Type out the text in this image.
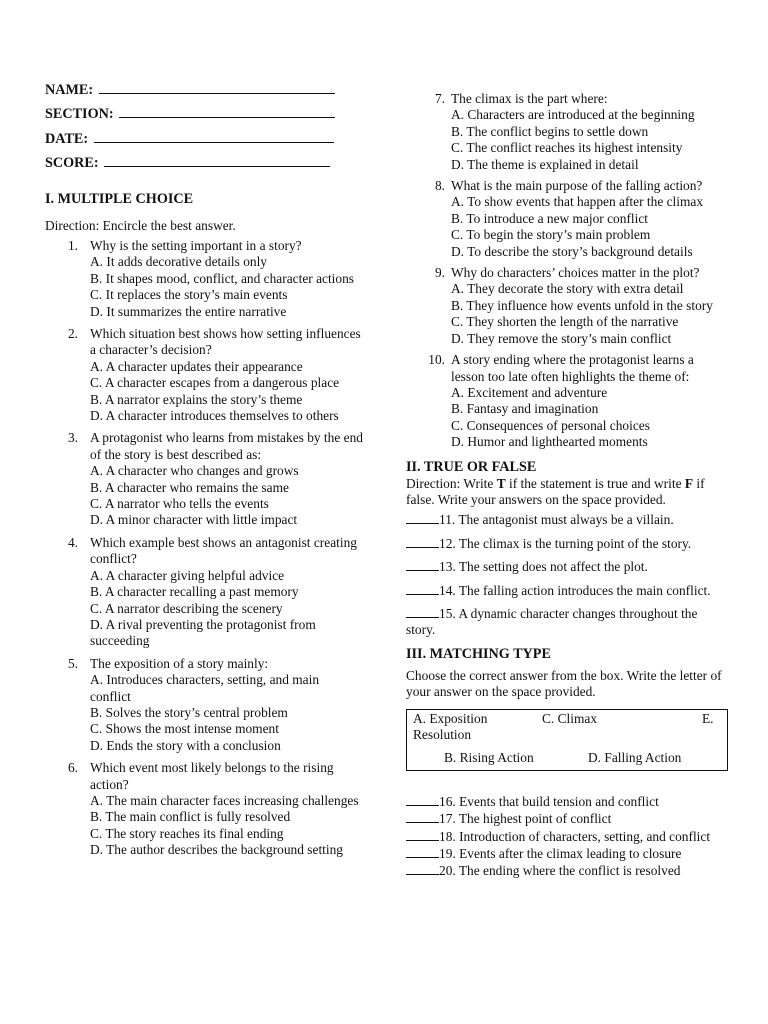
NAME:
SECTION:
DATE:
SCORE:
I. MULTIPLE CHOICE

Direction: Encircle the best answer.

1. Why is the setting important in a story?
A. It adds decorative details only
B. It shapes mood, conflict, and character actions
C. It replaces the story’s main events
D. It summarizes the entire narrative
2. Which situation best shows how setting influences a character’s decision?
A. A character updates their appearance
C. A character escapes from a dangerous place
B. A narrator explains the story’s theme
D. A character introduces themselves to others
3. A protagonist who learns from mistakes by the end of the story is best described as:
A. A character who changes and grows
B. A character who remains the same
C. A narrator who tells the events
D. A minor character with little impact
4. Which example best shows an antagonist creating conflict?
A. A character giving helpful advice
B. A character recalling a past memory
C. A narrator describing the scenery
D. A rival preventing the protagonist from succeeding
5. The exposition of a story mainly:
A. Introduces characters, setting, and main conflict
B. Solves the story’s central problem
C. Shows the most intense moment
D. Ends the story with a conclusion
6. Which event most likely belongs to the rising action?
A. The main character faces increasing challenges
B. The main conflict is fully resolved
C. The story reaches its final ending
D. The author describes the background setting
7. The climax is the part where:
A. Characters are introduced at the beginning
B. The conflict begins to settle down
C. The conflict reaches its highest intensity
D. The theme is explained in detail
8. What is the main purpose of the falling action?
A. To show events that happen after the climax
B. To introduce a new major conflict
C. To begin the story’s main problem
D. To describe the story’s background details
9. Why do characters’ choices matter in the plot?
A. They decorate the story with extra detail
B. They influence how events unfold in the story
C. They shorten the length of the narrative
D. They remove the story’s main conflict
10. A story ending where the protagonist learns a lesson too late often highlights the theme of:
A. Excitement and adventure
B. Fantasy and imagination
C. Consequences of personal choices
D. Humor and lighthearted moments
II. TRUE OR FALSE

Direction: Write T if the statement is true and write F if false. Write your answers on the space provided.

11. The antagonist must always be a villain.
12. The climax is the turning point of the story.
13. The setting does not affect the plot.
14. The falling action introduces the main conflict.
15. A dynamic character changes throughout the story.
III. MATCHING TYPE

Choose the correct answer from the box. Write the letter of your answer on the space provided.

A. Exposition	C. Climax	E.
Resolution
B. Rising Action	D. Falling Action
16. Events that build tension and conflict
17. The highest point of conflict
18. Introduction of characters, setting, and conflict
19. Events after the climax leading to closure
20. The ending where the conflict is resolved
